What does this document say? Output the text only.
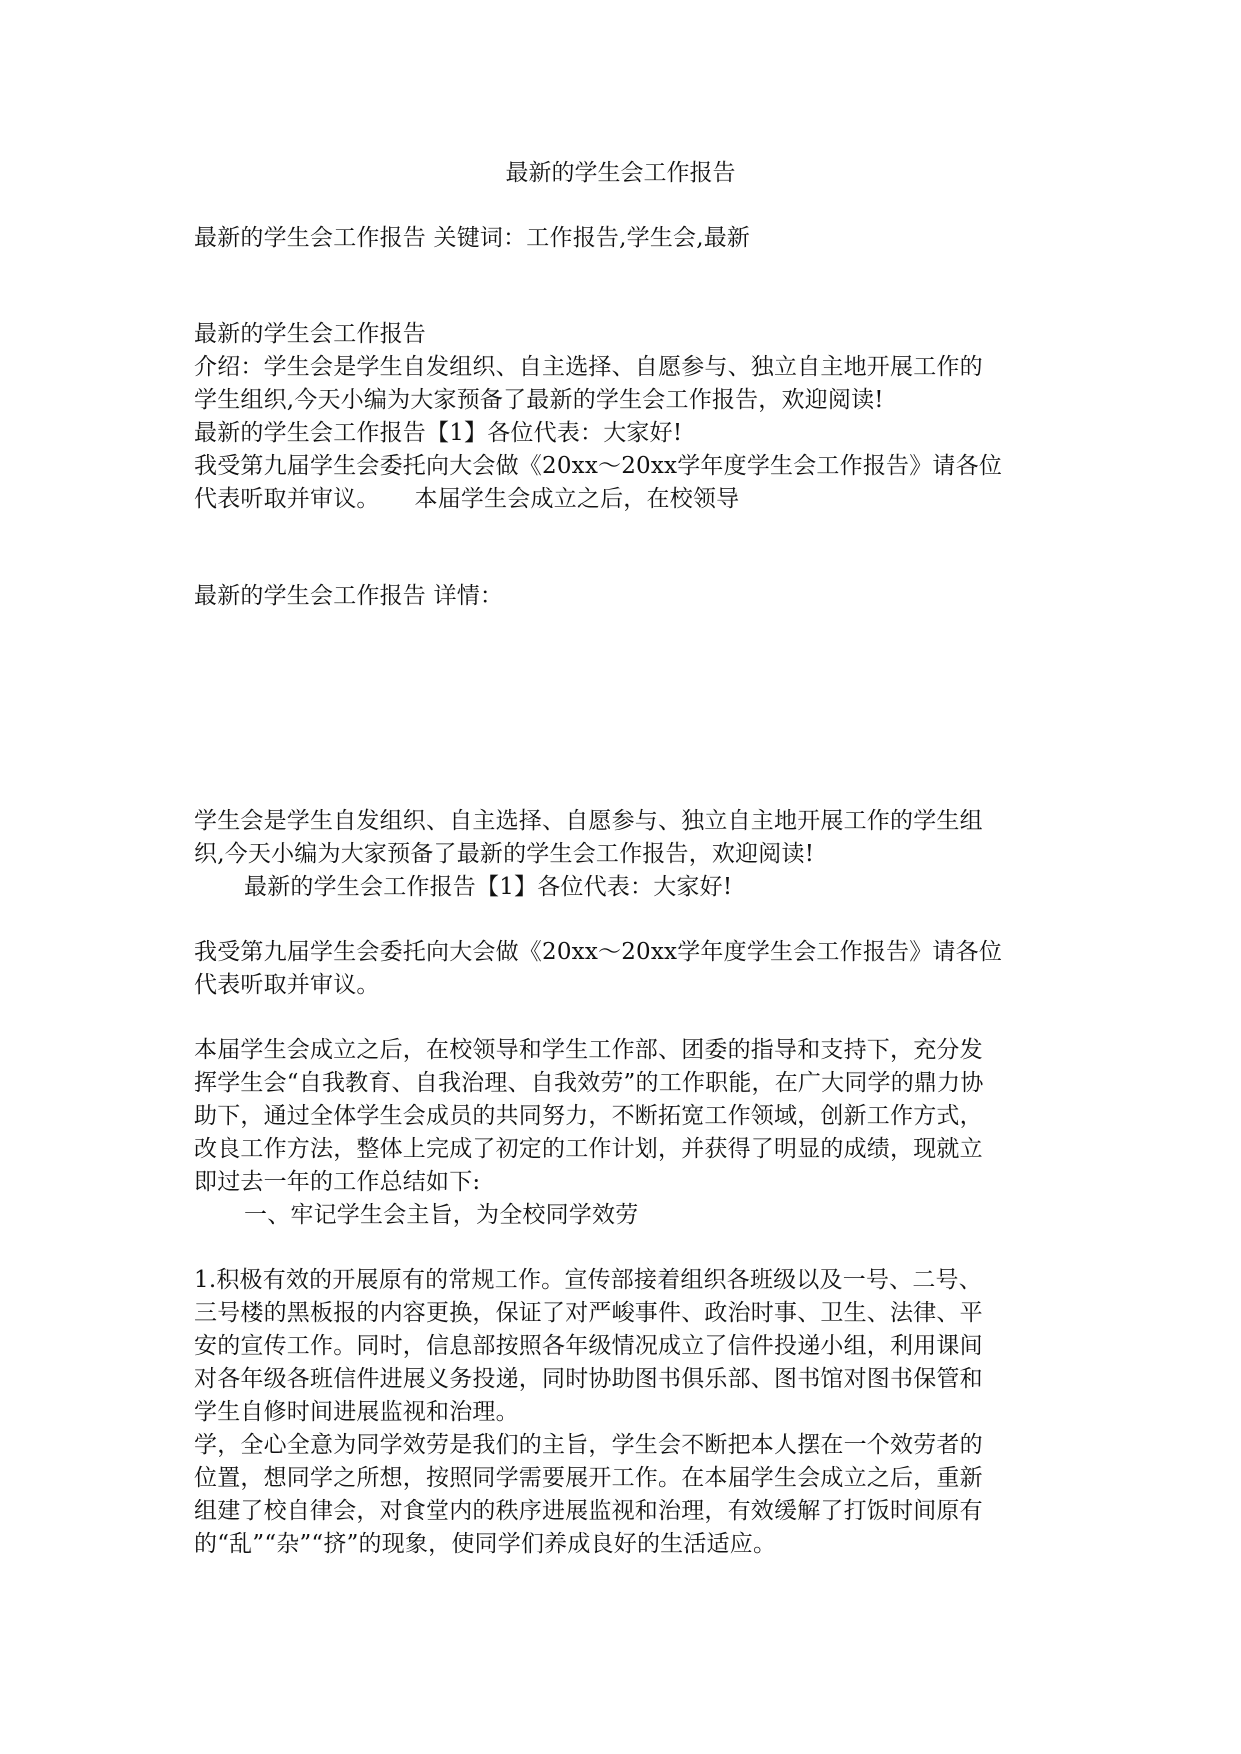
最新的学生会工作报告
最新的学生会工作报告 关键词：工作报告,学生会,最新
最新的学生会工作报告
介绍：学生会是学生自发组织、自主选择、自愿参与、独立自主地开展工作的
学生组织,今天小编为大家预备了最新的学生会工作报告，欢迎阅读!
最新的学生会工作报告【1】各位代表：大家好!
我受第九届学生会委托向大会做《20xx～20xx学年度学生会工作报告》请各位
代表听取并审议。　　本届学生会成立之后，在校领导
最新的学生会工作报告 详情：
学生会是学生自发组织、自主选择、自愿参与、独立自主地开展工作的学生组
织,今天小编为大家预备了最新的学生会工作报告，欢迎阅读!
最新的学生会工作报告【1】各位代表：大家好!
我受第九届学生会委托向大会做《20xx～20xx学年度学生会工作报告》请各位
代表听取并审议。
本届学生会成立之后，在校领导和学生工作部、团委的指导和支持下，充分发
挥学生会“自我教育、自我治理、自我效劳”的工作职能，在广大同学的鼎力协
助下，通过全体学生会成员的共同努力，不断拓宽工作领域，创新工作方式，
改良工作方法，整体上完成了初定的工作计划，并获得了明显的成绩，现就立
即过去一年的工作总结如下:
一、牢记学生会主旨，为全校同学效劳
1.积极有效的开展原有的常规工作。宣传部接着组织各班级以及一号、二号、
三号楼的黑板报的内容更换，保证了对严峻事件、政治时事、卫生、法律、平
安的宣传工作。同时，信息部按照各年级情况成立了信件投递小组，利用课间
对各年级各班信件进展义务投递，同时协助图书俱乐部、图书馆对图书保管和
学生自修时间进展监视和治理。
学，全心全意为同学效劳是我们的主旨，学生会不断把本人摆在一个效劳者的
位置，想同学之所想，按照同学需要展开工作。在本届学生会成立之后，重新
组建了校自律会，对食堂内的秩序进展监视和治理，有效缓解了打饭时间原有
的“乱”“杂”“挤”的现象，使同学们养成良好的生活适应。
